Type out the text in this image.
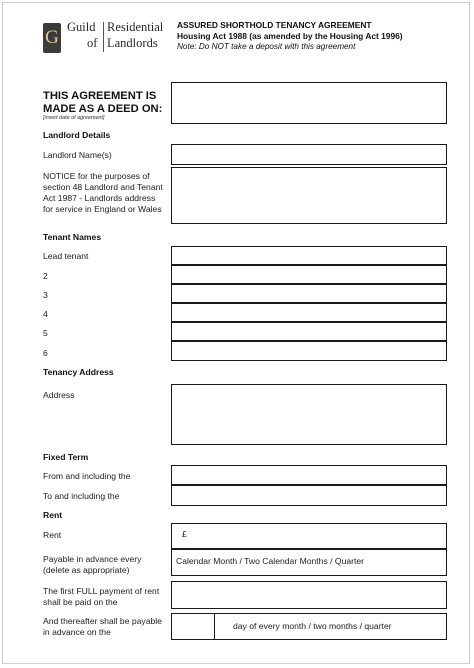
G Guild Residential
of Landlords
ASSURED SHORTHOLD TENANCY AGREEMENT
Housing Act 1988 (as amended by the Housing Act 1996)
Note: Do NOT take a deposit with this agreement
THIS AGREEMENT IS
MADE AS A DEED ON:
[insert date of agreement]
Landlord Details
Landlord Name(s)
NOTICE for the purposes of
section 48 Landlord and Tenant
Act 1987 - Landlords address
for service in England or Wales
Tenant Names
Lead tenant
2
3
4
5
6
Tenancy Address
Address
Fixed Term
From and including the
To and including the
Rent
Rent	£
Payable in advance every
(delete as appropriate)
Calendar Month / Two Calendar Months / Quarter
The first FULL payment of rent
shall be paid on the
And thereafter shall be payable
in advance on the
day of every month / two months / quarter
